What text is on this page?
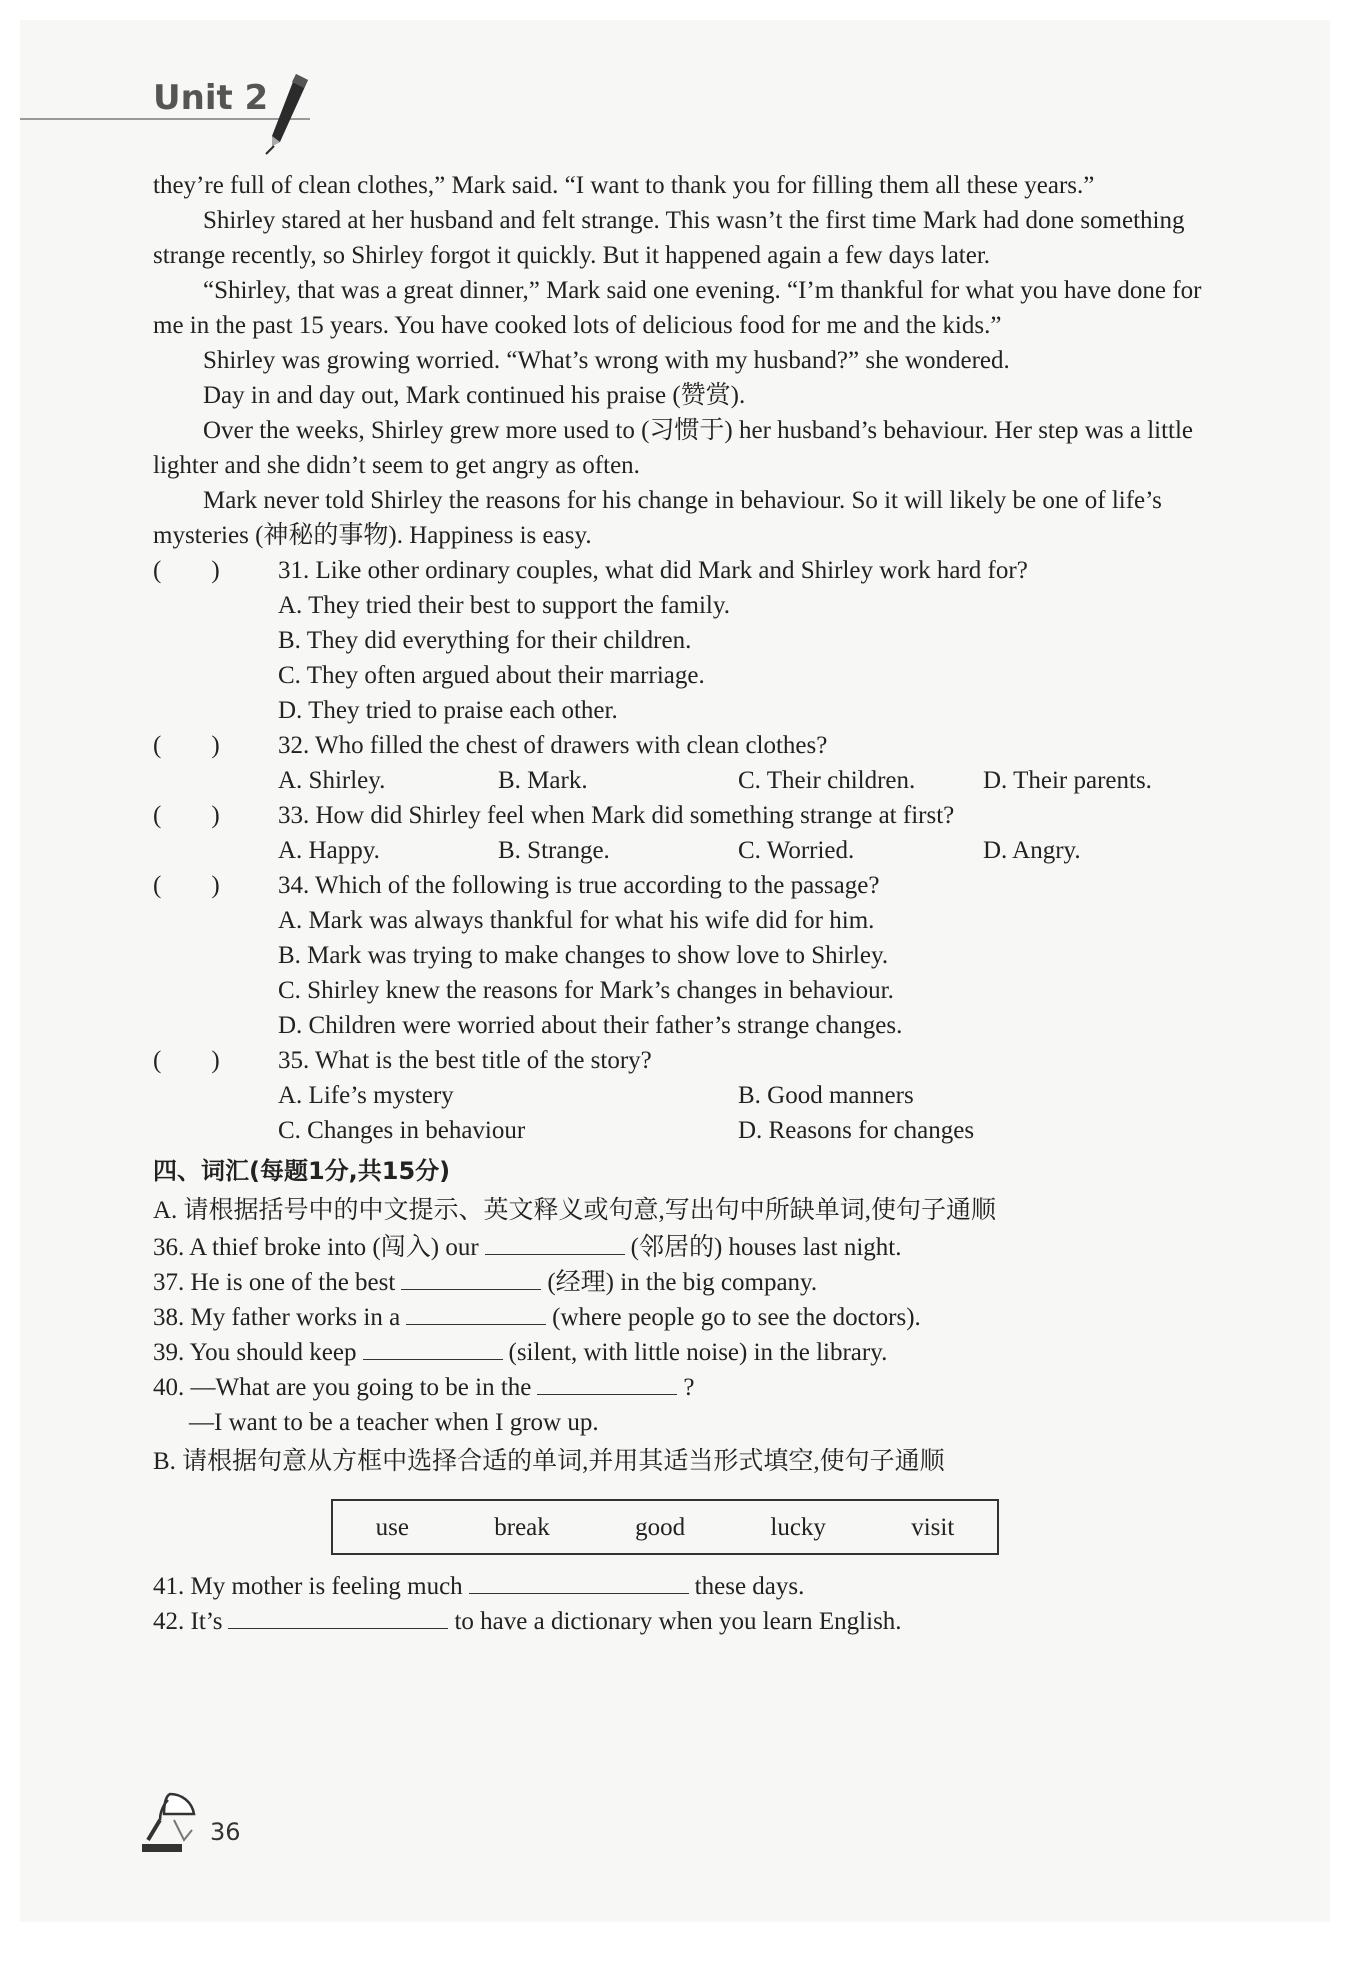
Unit 2

they’re full of clean clothes,” Mark said. “I want to thank you for filling them all these years.”

Shirley stared at her husband and felt strange. This wasn’t the first time Mark had done something strange recently, so Shirley forgot it quickly. But it happened again a few days later.

“Shirley, that was a great dinner,” Mark said one evening. “I’m thankful for what you have done for me in the past 15 years. You have cooked lots of delicious food for me and the kids.”

Shirley was growing worried. “What’s wrong with my husband?” she wondered.

Day in and day out, Mark continued his praise (赞赏).

Over the weeks, Shirley grew more used to (习惯于) her husband’s behaviour. Her step was a little lighter and she didn’t seem to get angry as often.

Mark never told Shirley the reasons for his change in behaviour. So it will likely be one of life’s mysteries (神秘的事物). Happiness is easy.

(        )	31. Like other ordinary couples, what did Mark and Shirley work hard for?
A. They tried their best to support the family.
B. They did everything for their children.
C. They often argued about their marriage.
D. They tried to praise each other.
(        )	32. Who filled the chest of drawers with clean clothes?
A. Shirley.	B. Mark.	C. Their children.	D. Their parents.
(        )	33. How did Shirley feel when Mark did something strange at first?
A. Happy.	B. Strange.	C. Worried.	D. Angry.
(        )	34. Which of the following is true according to the passage?
A. Mark was always thankful for what his wife did for him.
B. Mark was trying to make changes to show love to Shirley.
C. Shirley knew the reasons for Mark’s changes in behaviour.
D. Children were worried about their father’s strange changes.
(        )	35. What is the best title of the story?
A. Life’s mystery	B. Good manners
C. Changes in behaviour	D. Reasons for changes
四、词汇(每题1分,共15分)
A. 请根据括号中的中文提示、英文释义或句意,写出句中所缺单词,使句子通顺
36. A thief broke into (闯入) our	(邻居的) houses last night.
37. He is one of the best	(经理) in the big company.
38. My father works in a	(where people go to see the doctors).
39. You should keep	(silent, with little noise) in the library.
40. —What are you going to be in the	?
—I want to be a teacher when I grow up.
B. 请根据句意从方框中选择合适的单词,并用其适当形式填空,使句子通顺
use	break	good	lucky	visit
41. My mother is feeling much	these days.
42. It’s	to have a dictionary when you learn English.
36
